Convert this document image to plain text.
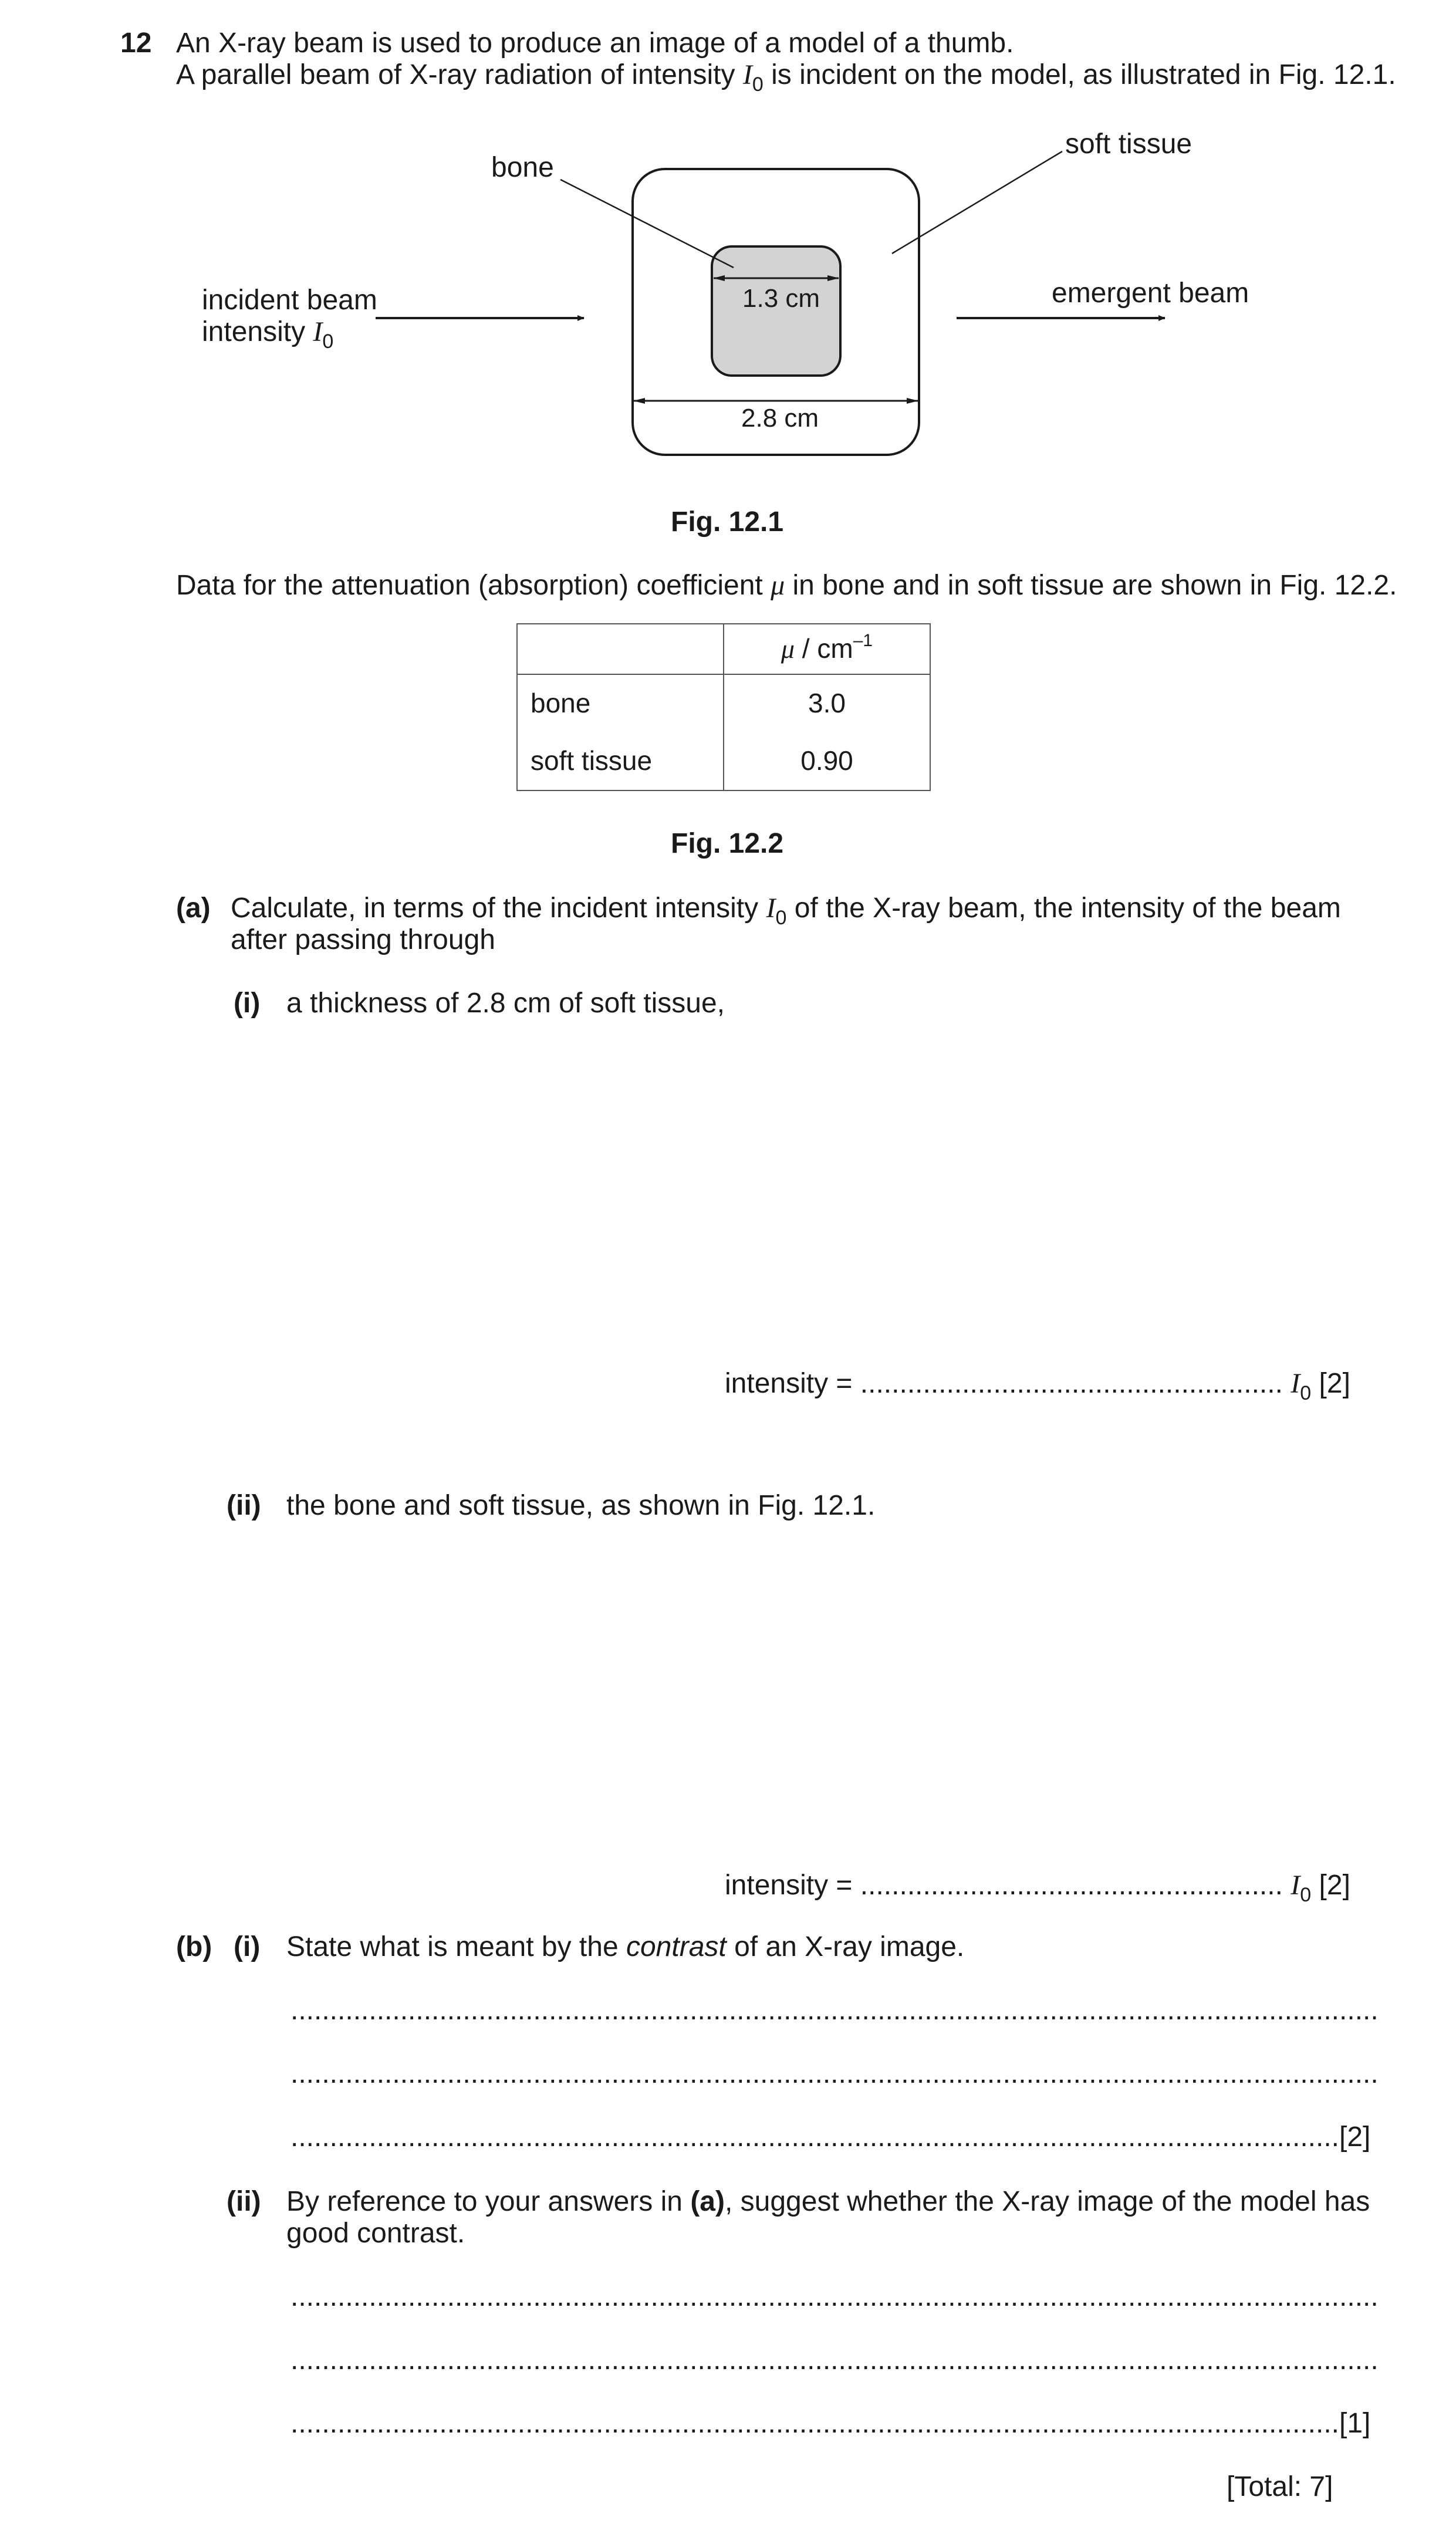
12 An X-ray beam is used to produce an image of a model of a thumb.
A parallel beam of X-ray radiation of intensity $I_0$ is incident on the model, as illustrated in Fig. 12.1.
bone
soft tissue
incident beam
intensity $I_0$
emergent beam
1.3 cm
2.8 cm
Fig. 12.1
Data for the attenuation (absorption) coefficient μ in bone and in soft tissue are shown in Fig. 12.2.
	μ / $cm^{-1}$
bone	3.0
soft tissue	0.90
Fig. 12.2
(a) Calculate, in terms of the incident intensity $I_0$ of the X-ray beam, the intensity of the beam
after passing through
(i) a thickness of 2.8 cm of soft tissue,
intensity = ...................................................... $I_0$ [2]
(ii) the bone and soft tissue, as shown in Fig. 12.1.
intensity = ...................................................... $I_0$ [2]
(b) (i) State what is meant by the contrast of an X-ray image.
...........................................................................................................................................
...........................................................................................................................................
......................................................................................................................................[2]
(ii) By reference to your answers in (a), suggest whether the X-ray image of the model has
good contrast.
...........................................................................................................................................
...........................................................................................................................................
......................................................................................................................................[1]
[Total: 7]
